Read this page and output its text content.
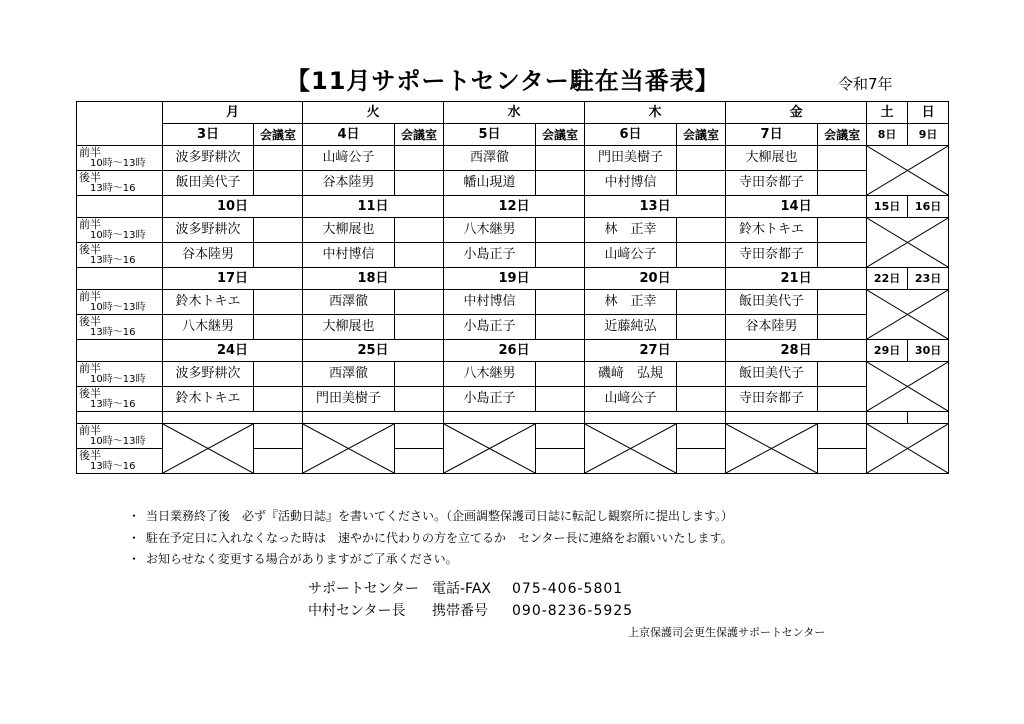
【11月サポートセンター駐在当番表】	令和7年
	月		火		水		木		金		土	日
	3日	会議室	4日	会議室	5日	会議室	6日	会議室	7日	会議室	8日	9日

前半
10時～13時	波多野耕次		山﨑公子		西澤徹		門田美樹子		大柳展也		

後半
13時～16	飯田美代子		谷本陸男		幡山現道		中村博信		寺田奈都子			
	10日		11日		12日		13日		14日		15日	16日

前半
10時～13時	波多野耕次		大柳展也		八木継男		林　正幸		鈴木トキエ		

後半
13時～16	谷本陸男		中村博信		小島正子		山﨑公子		寺田奈都子			
	17日		18日		19日		20日		21日		22日	23日

前半
10時～13時	鈴木トキエ		西澤徹		中村博信		林　正幸		飯田美代子		

後半
13時～16	八木継男		大柳展也		小島正子		近藤純弘		谷本陸男			
	24日		25日		26日		27日		28日		29日	30日

前半
10時～13時	波多野耕次		西澤徹		八木継男		磯﨑　弘規		飯田美代子		

後半
13時～16	鈴木トキエ		門田美樹子		小島正子		山﨑公子		寺田奈都子			

前半
10時～13時

後半
13時～16												

・ 当日業務終了後　必ず『活動日誌』を書いてください。（企画調整保護司日誌に転記し観察所に提出します。）
・ 駐在予定日に入れなくなった時は　速やかに代わりの方を立てるか　センター長に連絡をお願いいたします。
・ お知らせなく変更する場合がありますがご了承ください。
サポートセンター 電話-FAX 075-406-5801
中村センター長 携帯番号 090-8236-5925
上京保護司会更生保護サポートセンター
